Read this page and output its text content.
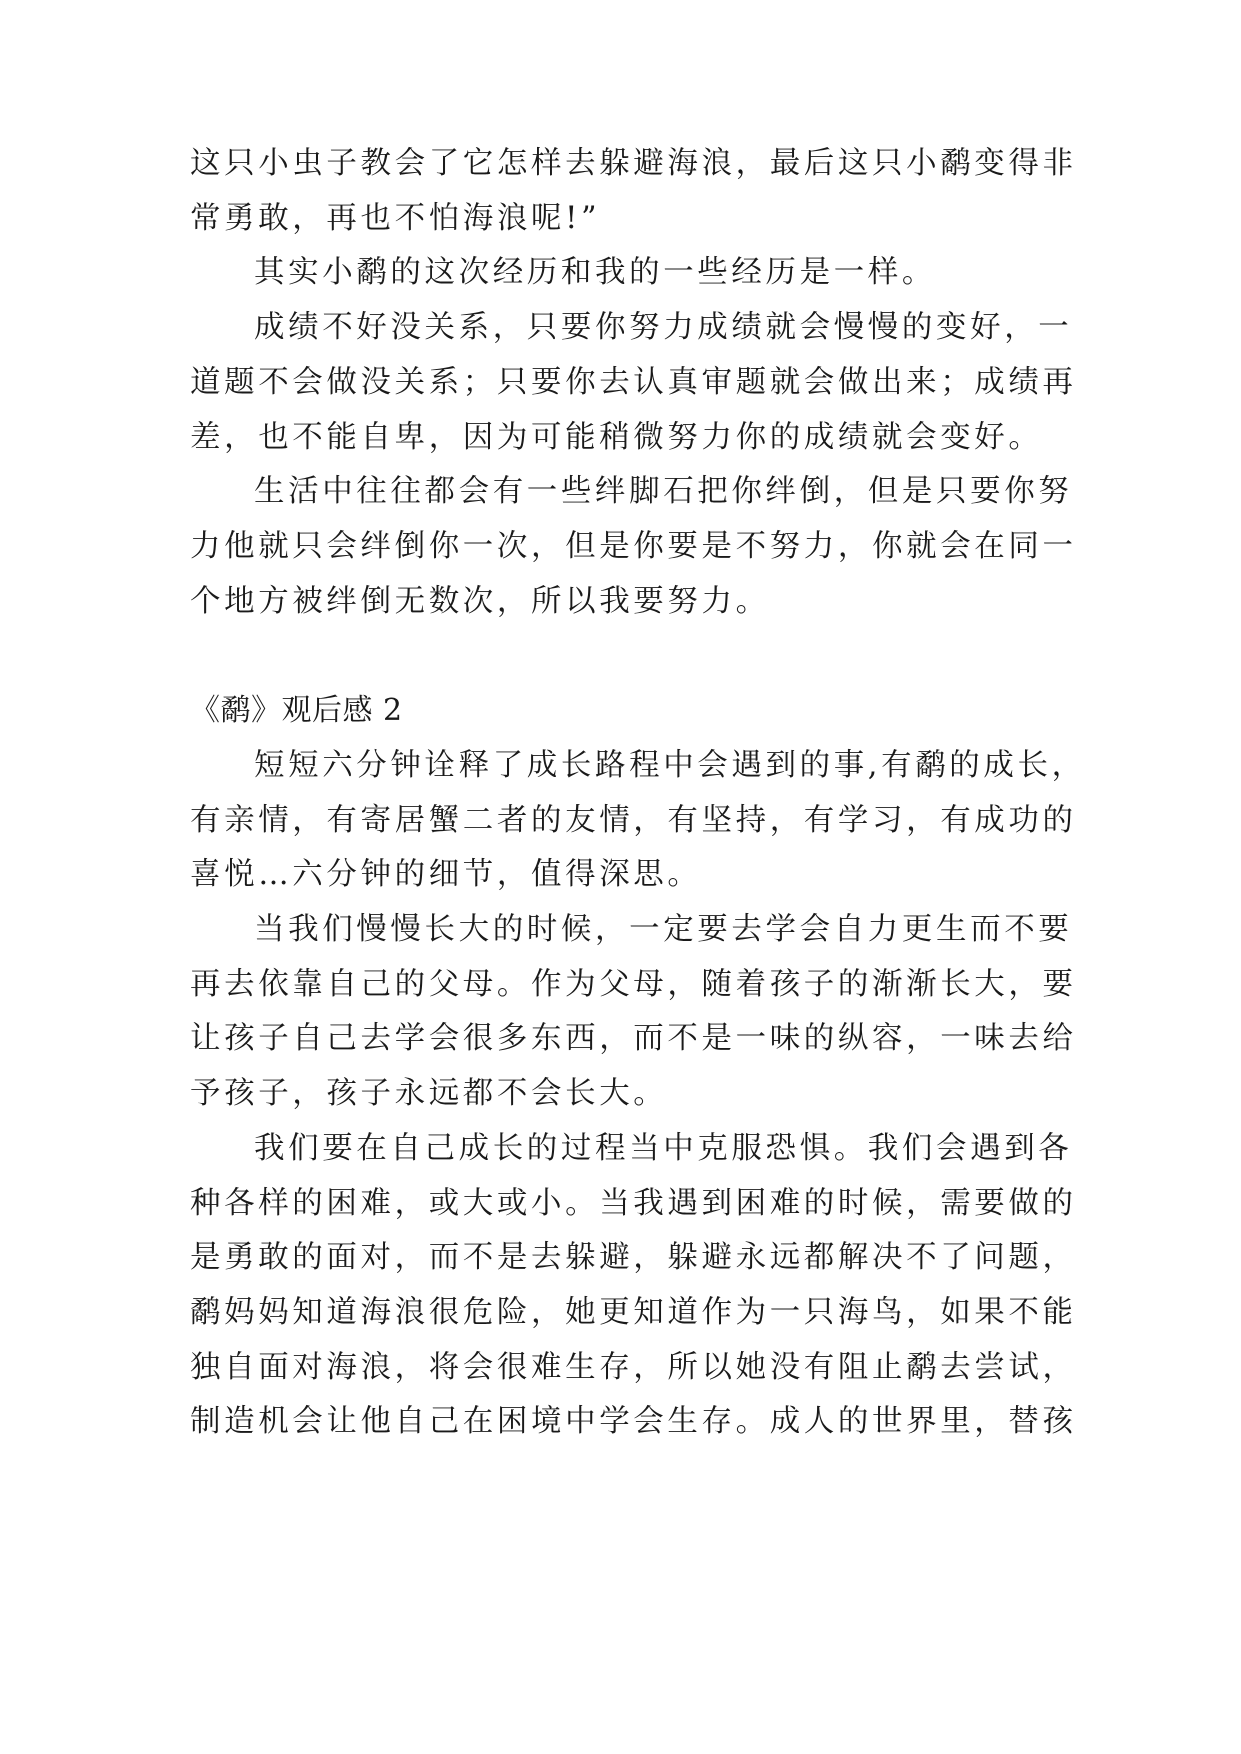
这只小虫子教会了它怎样去躲避海浪，最后这只小鹬变得非
常勇敢，再也不怕海浪呢!”
其实小鹬的这次经历和我的一些经历是一样。
成绩不好没关系，只要你努力成绩就会慢慢的变好，一
道题不会做没关系；只要你去认真审题就会做出来；成绩再
差，也不能自卑，因为可能稍微努力你的成绩就会变好。
生活中往往都会有一些绊脚石把你绊倒，但是只要你努
力他就只会绊倒你一次，但是你要是不努力，你就会在同一
个地方被绊倒无数次，所以我要努力。
《鹬》观后感 2
短短六分钟诠释了成长路程中会遇到的事,有鹬的成长，
有亲情，有寄居蟹二者的友情，有坚持，有学习，有成功的
喜悦…六分钟的细节，值得深思。
当我们慢慢长大的时候，一定要去学会自力更生而不要
再去依靠自己的父母。作为父母，随着孩子的渐渐长大，要
让孩子自己去学会很多东西，而不是一味的纵容，一味去给
予孩子，孩子永远都不会长大。
我们要在自己成长的过程当中克服恐惧。我们会遇到各
种各样的困难，或大或小。当我遇到困难的时候，需要做的
是勇敢的面对，而不是去躲避，躲避永远都解决不了问题，
鹬妈妈知道海浪很危险，她更知道作为一只海鸟，如果不能
独自面对海浪，将会很难生存，所以她没有阻止鹬去尝试，
制造机会让他自己在困境中学会生存。成人的世界里，替孩
